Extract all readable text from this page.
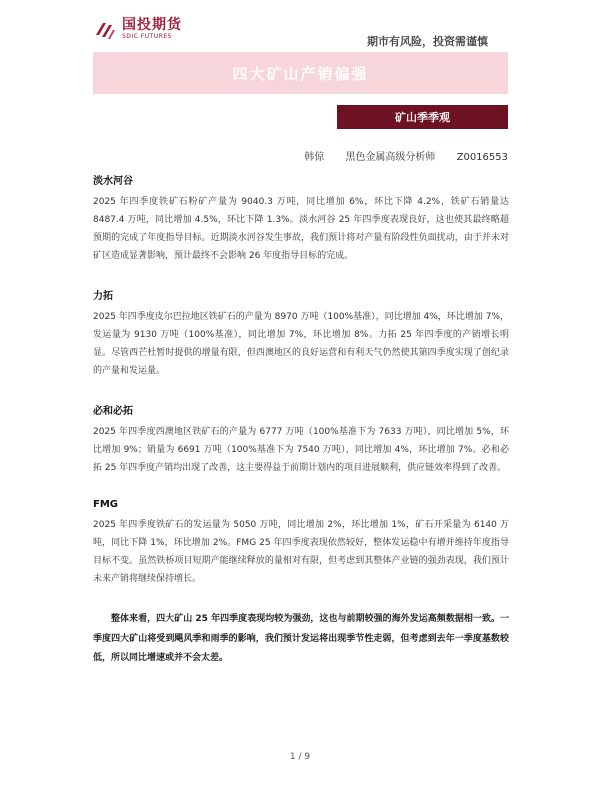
国投期货
SDIC FUTURES	期市有风险，投资需谨慎
四大矿山产销偏强
矿山季季观
韩倞 黑色金属高级分析师 Z0016553
淡水河谷

2025 年四季度铁矿石粉矿产量为 9040.3 万吨，同比增加 6%，环比下降 4.2%，铁矿石销量达 8487.4 万吨，同比增加 4.5%，环比下降 1.3%。淡水河谷 25 年四季度表现良好，这也使其最终略超预期的完成了年度指导目标。近期淡水河谷发生事故，我们预计将对产量有阶段性负面扰动，由于并未对矿区造成显著影响，预计最终不会影响 26 年度指导目标的完成。

力拓

2025 年四季度皮尔巴拉地区铁矿石的产量为 8970 万吨（100%基准），同比增加 4%，环比增加 7%，发运量为 9130 万吨（100%基准），同比增加 7%，环比增加 8%。力拓 25 年四季度的产销增长明显。尽管西芒杜暂时提供的增量有限，但西澳地区的良好运营和有利天气仍然使其第四季度实现了创纪录的产量和发运量。

必和必拓

2025 年四季度西澳地区铁矿石的产量为 6777 万吨（100%基准下为 7633 万吨），同比增加 5%，环比增加 9%；销量为 6691 万吨（100%基准下为 7540 万吨），同比增加 4%，环比增加 7%。必和必拓 25 年四季度产销均出现了改善，这主要得益于前期计划内的项目进展顺利，供应链效率得到了改善。

FMG

2025 年四季度铁矿石的发运量为 5050 万吨，同比增加 2%，环比增加 1%，矿石开采量为 6140 万吨，同比下降 1%，环比增加 2%。FMG 25 年四季度表现依然较好，整体发运稳中有增并维持年度指导目标不变。虽然铁桥项目短期产能继续释放的量相对有限，但考虑到其整体产业链的强劲表现，我们预计未来产销将继续保持增长。

整体来看，四大矿山 25 年四季度表现均较为强劲，这也与前期较强的海外发运高频数据相一致。一季度四大矿山将受到飓风季和雨季的影响，我们预计发运将出现季节性走弱，但考虑到去年一季度基数较低，所以同比增速或并不会太差。

1 / 9
